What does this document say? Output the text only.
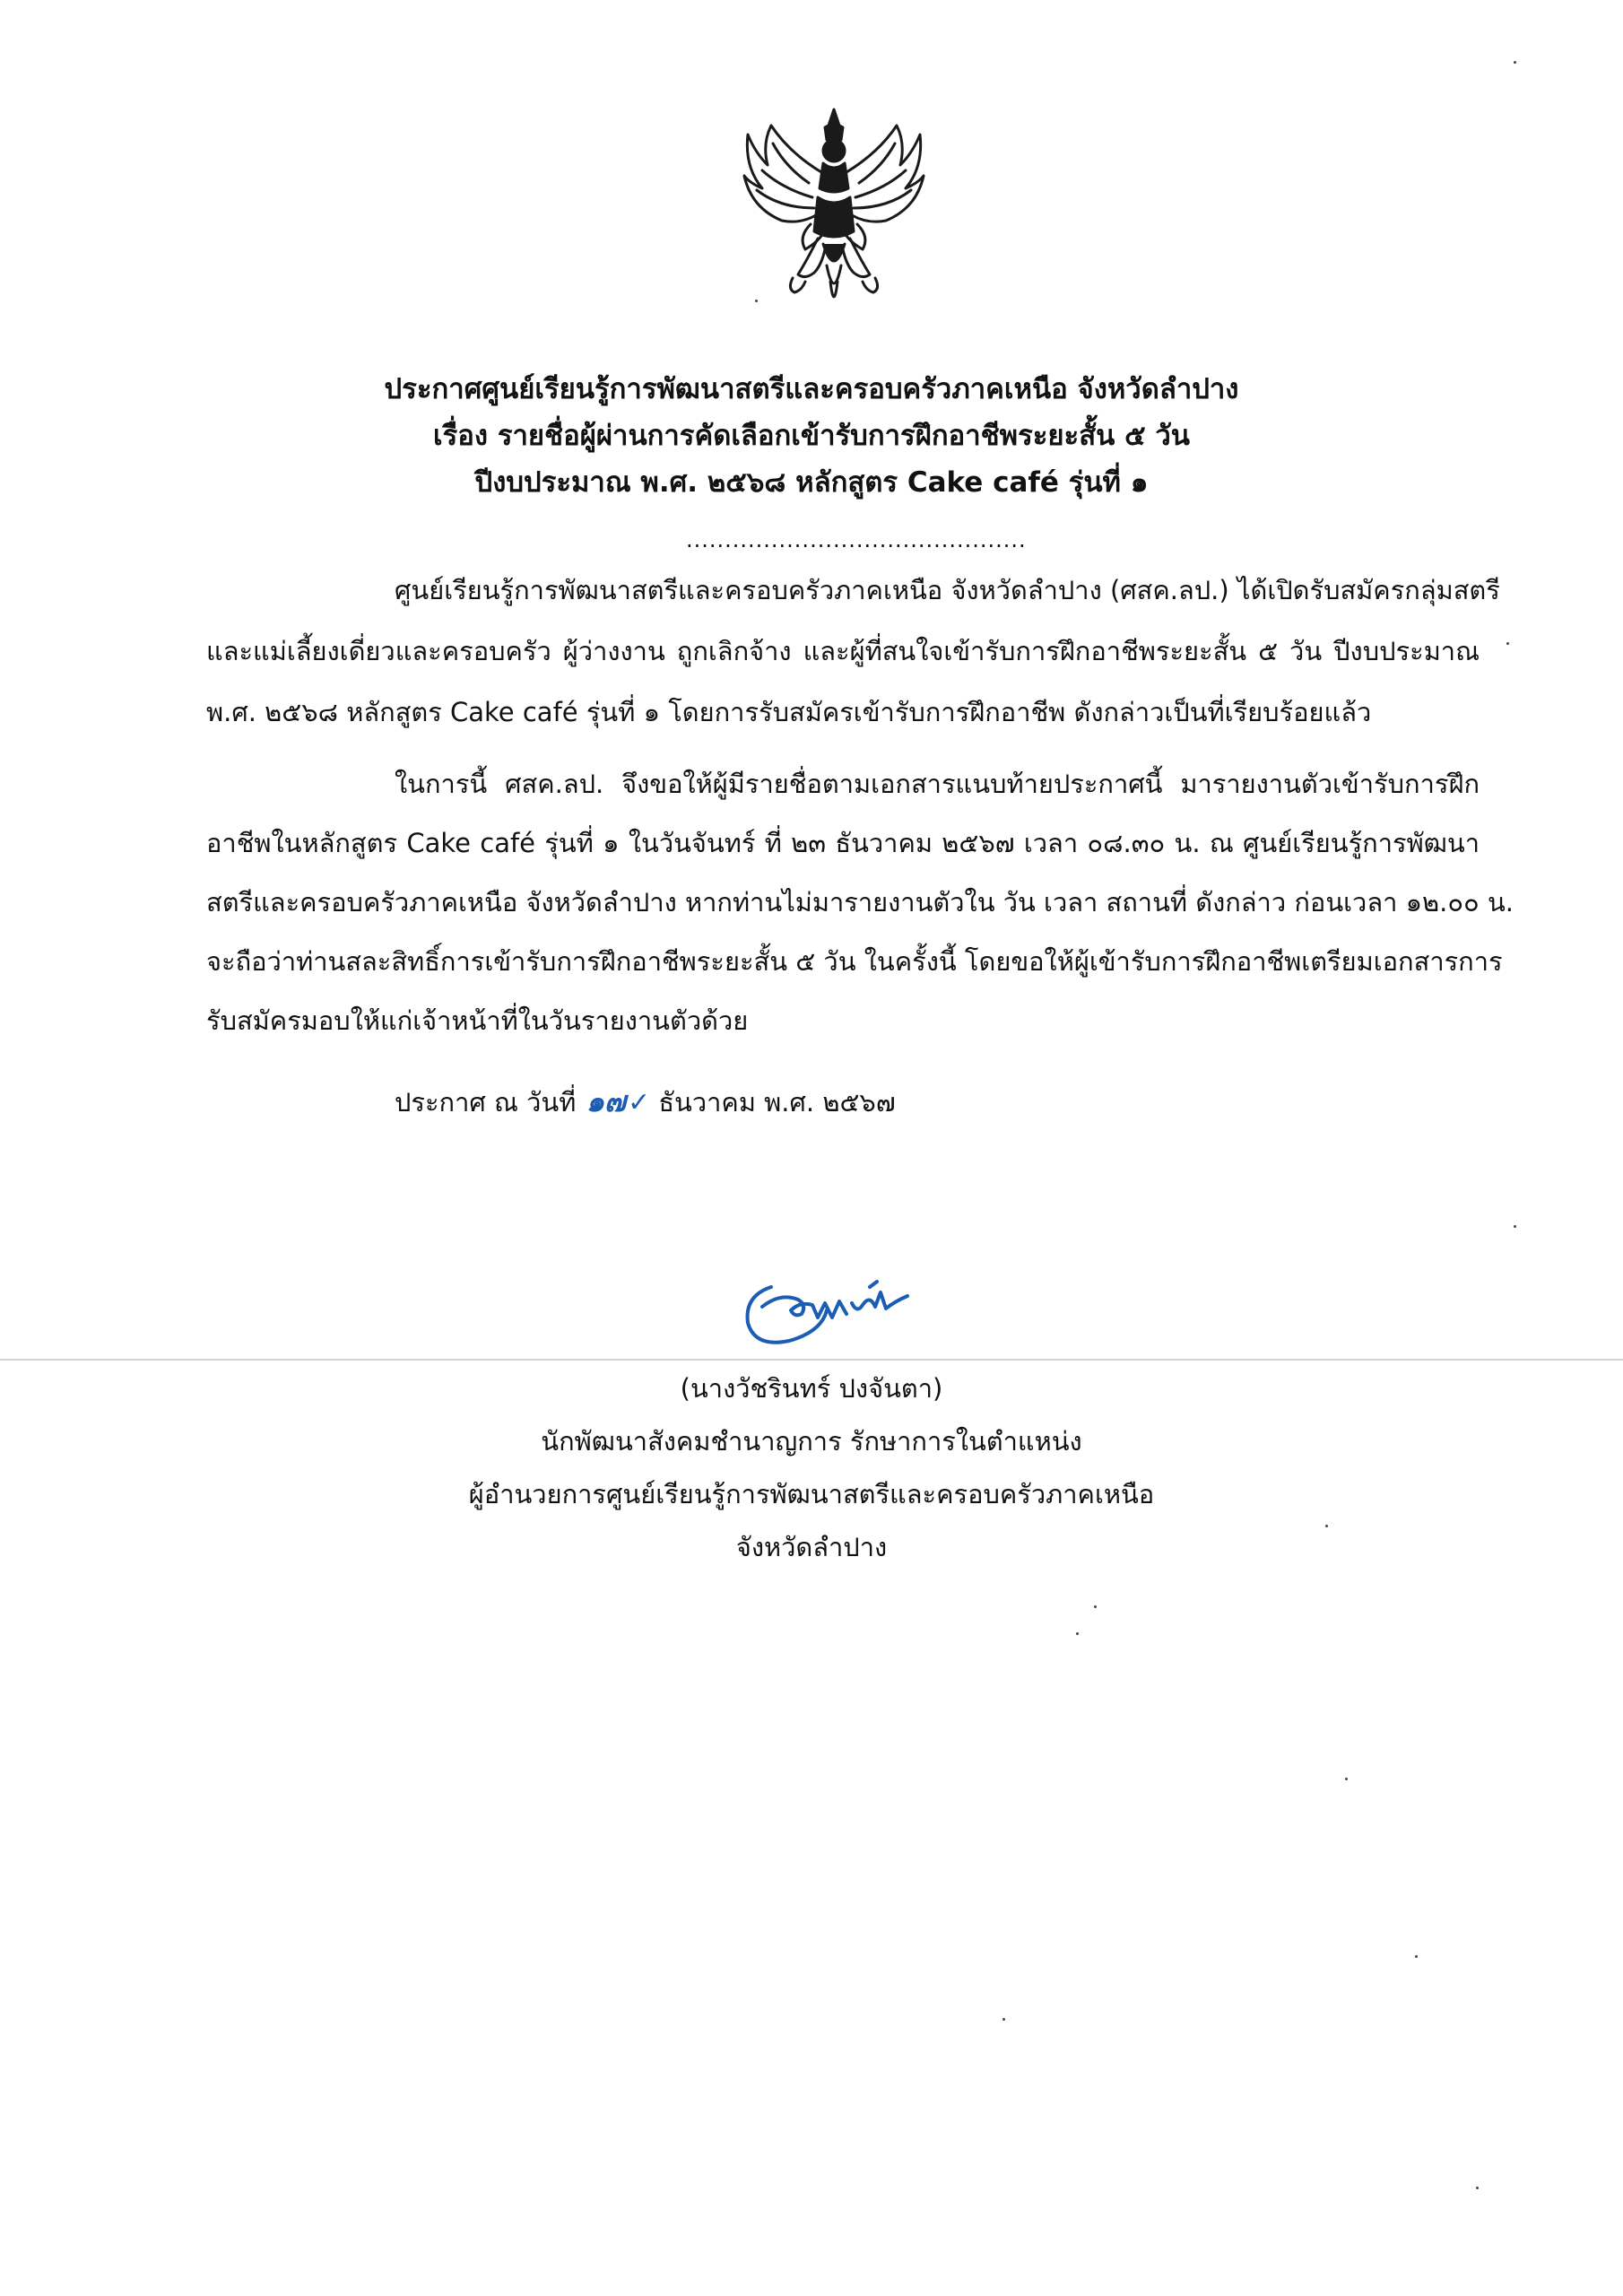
ประกาศศูนย์เรียนรู้การพัฒนาสตรีและครอบครัวภาคเหนือ จังหวัดลำปาง
เรื่อง รายชื่อผู้ผ่านการคัดเลือกเข้ารับการฝึกอาชีพระยะสั้น ๕ วัน
ปีงบประมาณ พ.ศ. ๒๕๖๘ หลักสูตร Cake café รุ่นที่ ๑
............................................
ศูนย์เรียนรู้การพัฒนาสตรีและครอบครัวภาคเหนือ จังหวัดลำปาง (ศสค.ลป.) ได้เปิดรับสมัครกลุ่มสตรี
และแม่เลี้ยงเดี่ยวและครอบครัว ผู้ว่างงาน ถูกเลิกจ้าง และผู้ที่สนใจเข้ารับการฝึกอาชีพระยะสั้น ๕ วัน ปีงบประมาณ
พ.ศ. ๒๕๖๘ หลักสูตร Cake café รุ่นที่ ๑ โดยการรับสมัครเข้ารับการฝึกอาชีพ ดังกล่าวเป็นที่เรียบร้อยแล้ว
ในการนี้ ศสค.ลป. จึงขอให้ผู้มีรายชื่อตามเอกสารแนบท้ายประกาศนี้ มารายงานตัวเข้ารับการฝึก
อาชีพในหลักสูตร Cake café รุ่นที่ ๑ ในวันจันทร์ ที่ ๒๓ ธันวาคม ๒๕๖๗ เวลา ๐๘.๓๐ น. ณ ศูนย์เรียนรู้การพัฒนา
สตรีและครอบครัวภาคเหนือ จังหวัดลำปาง หากท่านไม่มารายงานตัวใน วัน เวลา สถานที่ ดังกล่าว ก่อนเวลา ๑๒.๐๐ น.
จะถือว่าท่านสละสิทธิ์การเข้ารับการฝึกอาชีพระยะสั้น ๕ วัน ในครั้งนี้ โดยขอให้ผู้เข้ารับการฝึกอาชีพเตรียมเอกสารการ
รับสมัครมอบให้แก่เจ้าหน้าที่ในวันรายงานตัวด้วย
ประกาศ ณ วันที่ ๑๗✓ ธันวาคม พ.ศ. ๒๕๖๗
(นางวัชรินทร์ ปงจันตา)
นักพัฒนาสังคมชำนาญการ รักษาการในตำแหน่ง
ผู้อำนวยการศูนย์เรียนรู้การพัฒนาสตรีและครอบครัวภาคเหนือ
จังหวัดลำปาง
